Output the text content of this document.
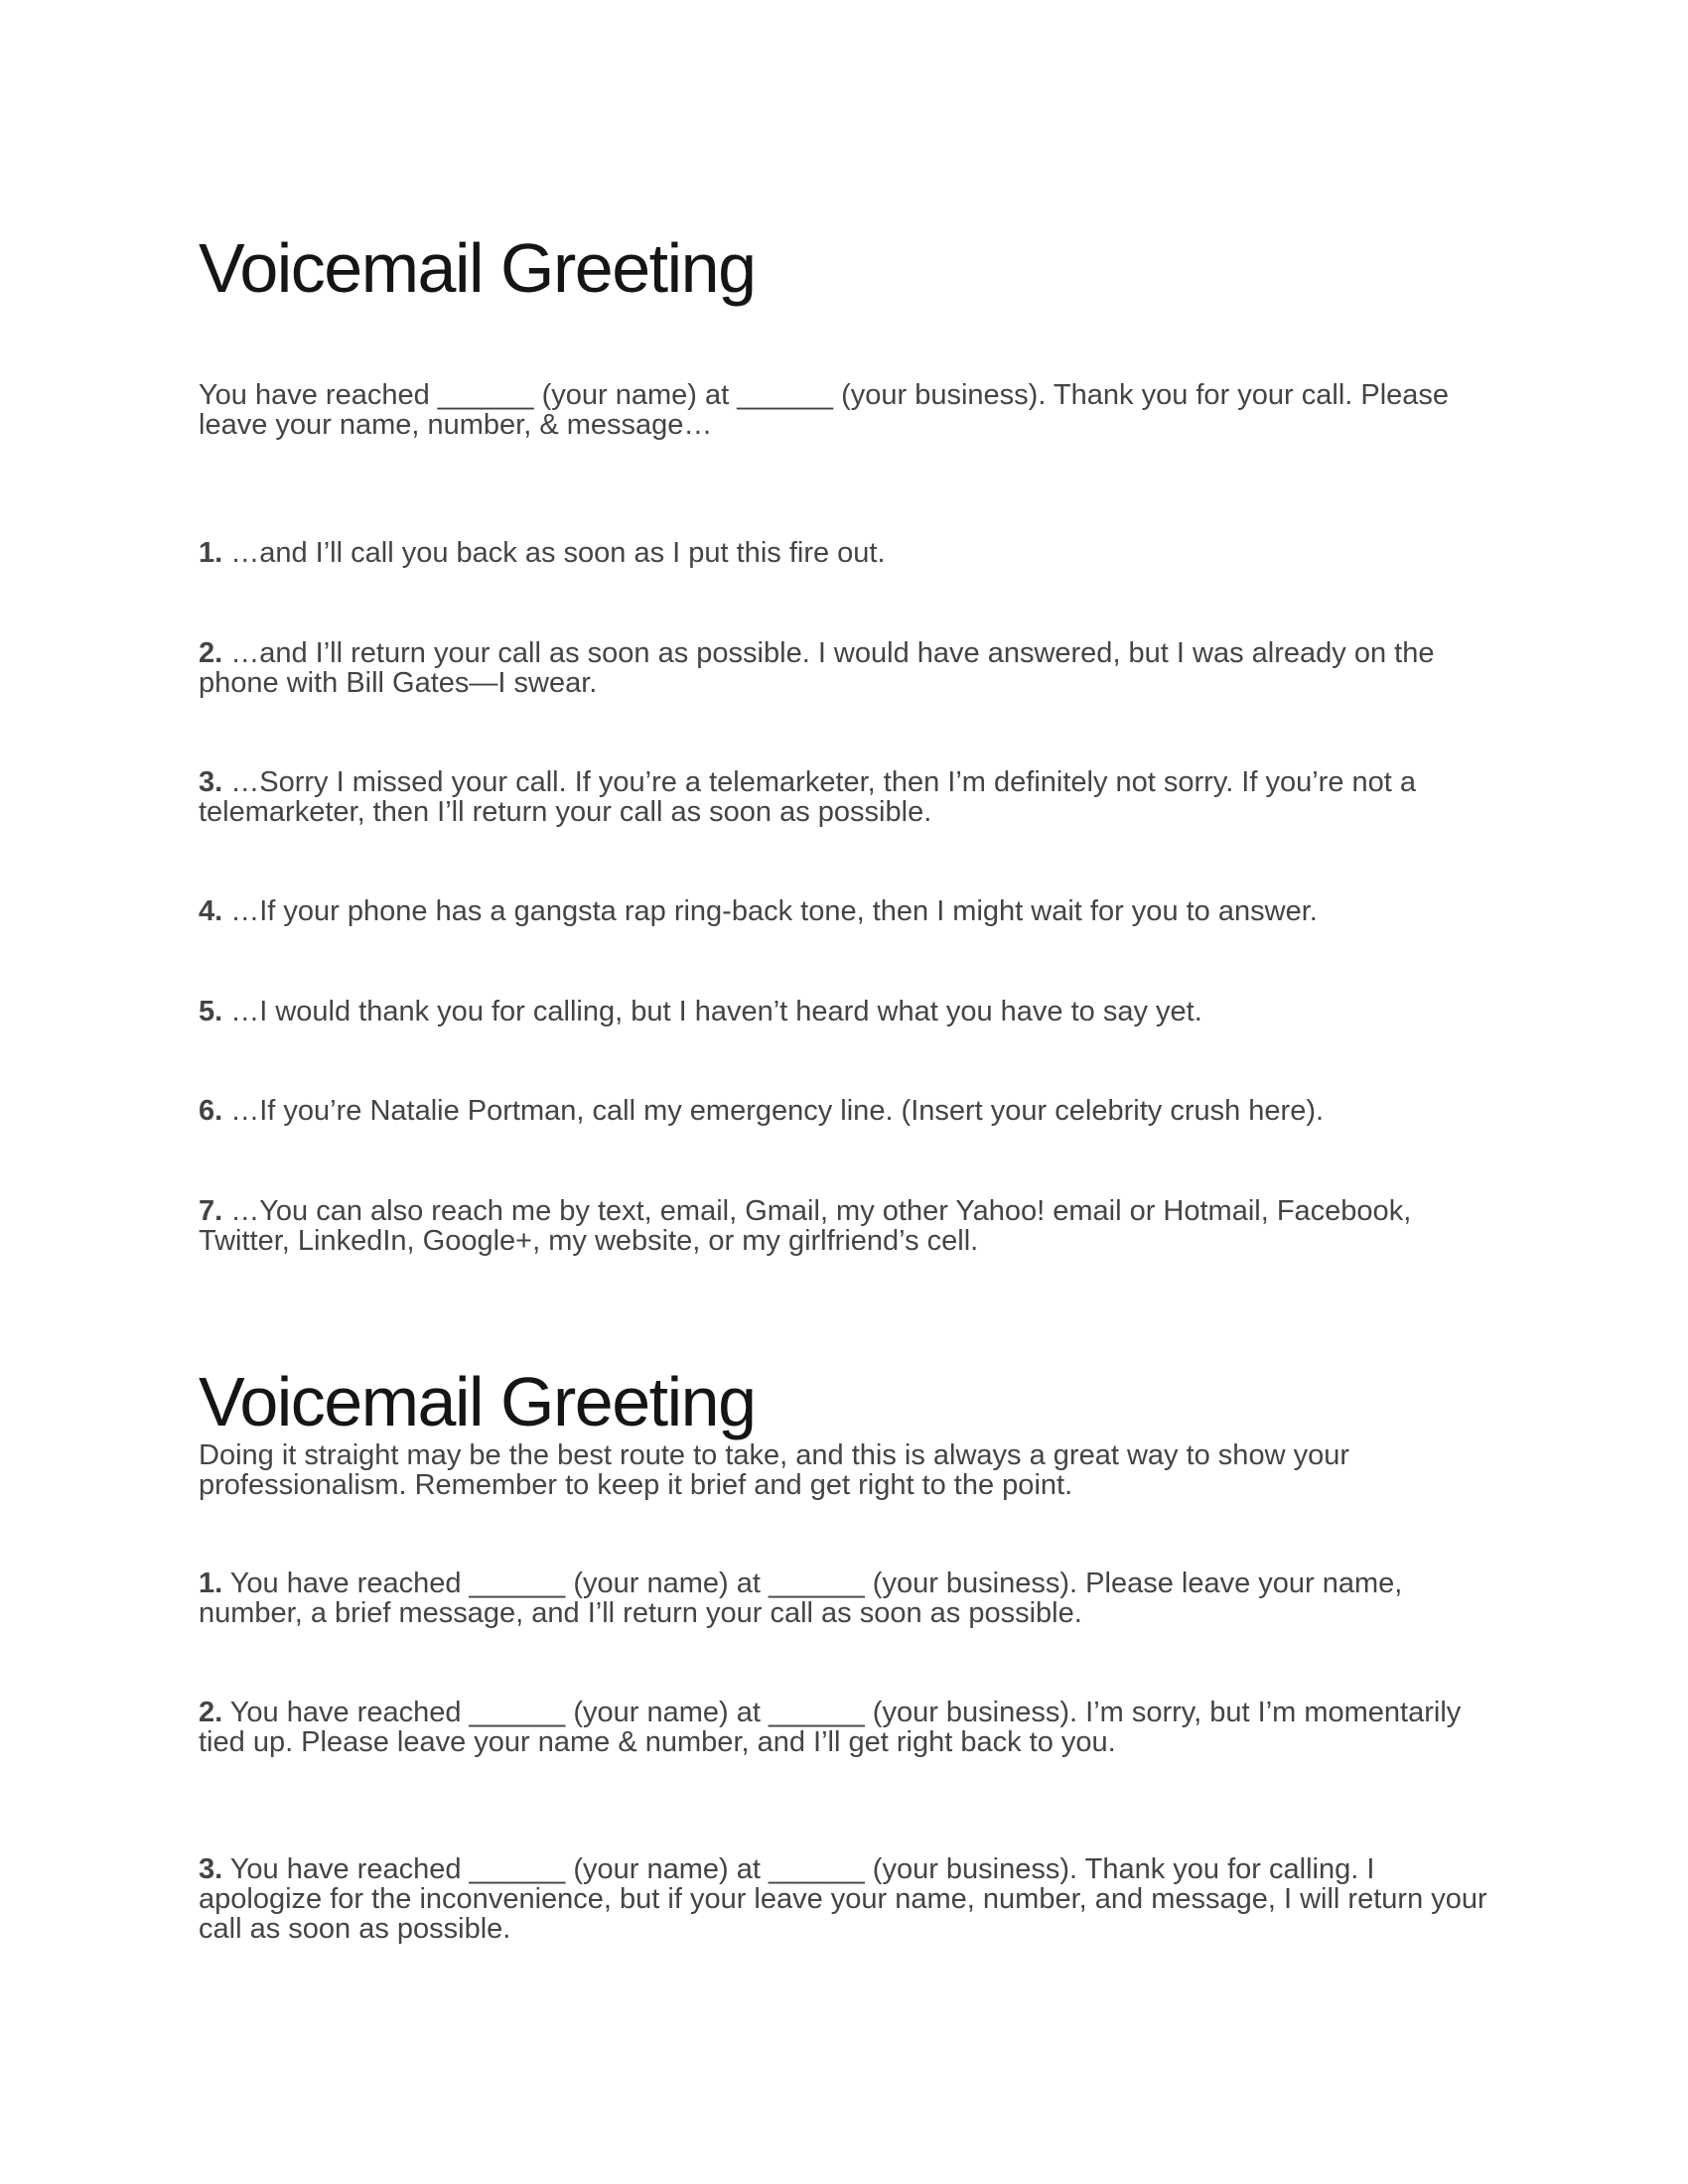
Voicemail Greeting

You have reached ______ (your name) at ______ (your business). Thank you for your call. Please leave your name, number, & message…

1. …and I’ll call you back as soon as I put this fire out.

2. …and I’ll return your call as soon as possible. I would have answered, but I was already on the phone with Bill Gates—I swear.

3. …Sorry I missed your call. If you’re a telemarketer, then I’m definitely not sorry. If you’re not a telemarketer, then I’ll return your call as soon as possible.

4. …If your phone has a gangsta rap ring-back tone, then I might wait for you to answer.

5. …I would thank you for calling, but I haven’t heard what you have to say yet.

6. …If you’re Natalie Portman, call my emergency line. (Insert your celebrity crush here).

7. …You can also reach me by text, email, Gmail, my other Yahoo! email or Hotmail, Facebook, Twitter, LinkedIn, Google+, my website, or my girlfriend’s cell.

Voicemail Greeting

Doing it straight may be the best route to take, and this is always a great way to show your professionalism. Remember to keep it brief and get right to the point.

1. You have reached ______ (your name) at ______ (your business). Please leave your name, number, a brief message, and I’ll return your call as soon as possible.

2. You have reached ______ (your name) at ______ (your business). I’m sorry, but I’m momentarily tied up. Please leave your name & number, and I’ll get right back to you.

3. You have reached ______ (your name) at ______ (your business). Thank you for calling. I apologize for the inconvenience, but if your leave your name, number, and message, I will return your call as soon as possible.
